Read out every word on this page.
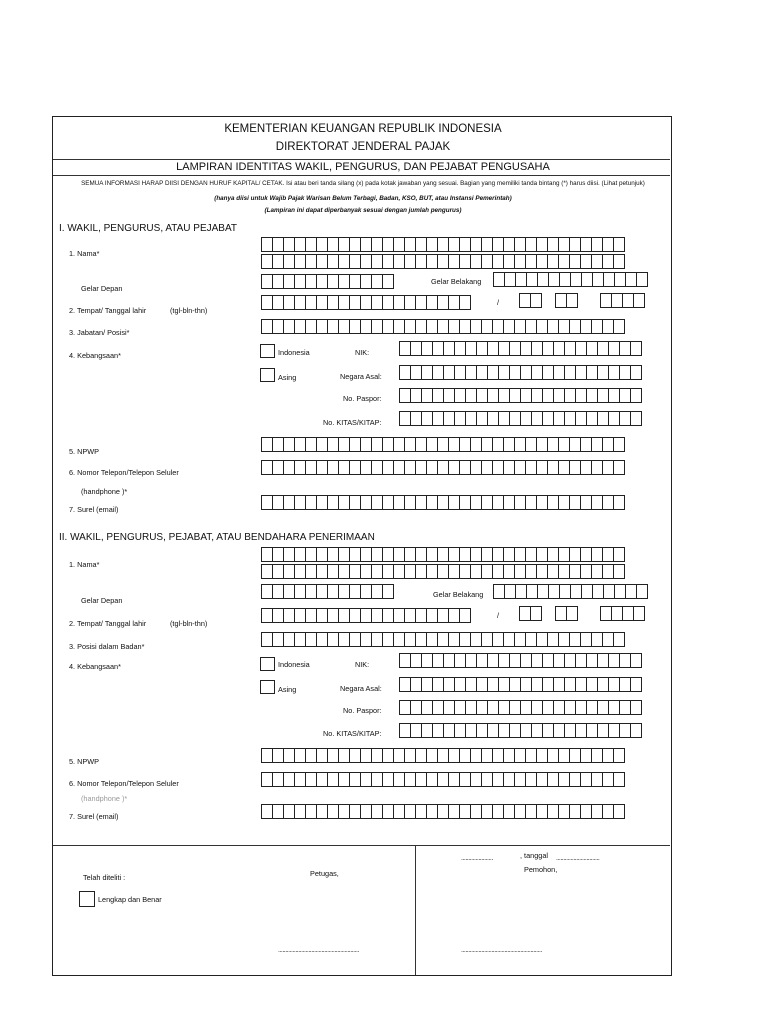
KEMENTERIAN KEUANGAN REPUBLIK INDONESIA
DIREKTORAT JENDERAL PAJAK
LAMPIRAN IDENTITAS WAKIL, PENGURUS, DAN PEJABAT PENGUSAHA
SEMUA INFORMASI HARAP DIISI DENGAN HURUF KAPITAL/ CETAK. Isi atau beri tanda silang (x) pada kotak jawaban yang sesuai. Bagian yang memiliki tanda bintang (*) harus diisi. (Lihat petunjuk)
(hanya diisi untuk Wajib Pajak Warisan Belum Terbagi, Badan, KSO, BUT, atau Instansi Pemerintah)
(Lampiran ini dapat diperbanyak sesuai dengan jumlah pengurus)
I. WAKIL, PENGURUS, ATAU PEJABAT
1. Nama*
Gelar Depan
Gelar Belakang
2. Tempat/ Tanggal lahir	(tgl-bln-thn)
/
3. Jabatan/ Posisi*
4. Kebangsaan*	Indonesia	NIK:
Asing	Negara Asal:
No. Paspor:
No. KITAS/KITAP:
5. NPWP
6. Nomor Telepon/Telepon Seluler
(handphone )*
7. Surel (email)
II. WAKIL, PENGURUS, PEJABAT, ATAU BENDAHARA PENERIMAAN
1. Nama*
Gelar Depan
Gelar Belakang
2. Tempat/ Tanggal lahir	(tgl-bln-thn)
/
3. Posisi dalam Badan*
4. Kebangsaan*	Indonesia	NIK:
Asing	Negara Asal:
No. Paspor:
No. KITAS/KITAP:
5. NPWP
6. Nomor Telepon/Telepon Seluler
(handphone )*
7. Surel (email)
Telah diteliti :
Lengkap dan Benar
Petugas,
........................................................
......................	, tanggal ..............................
Pemohon,
........................................................
